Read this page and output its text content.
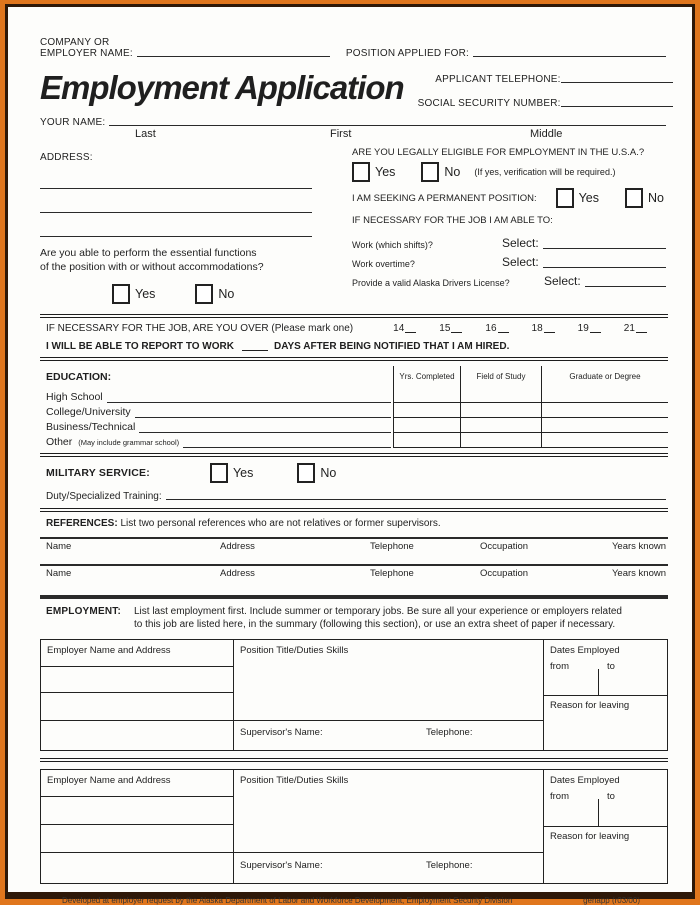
COMPANY OR
EMPLOYER NAME:	POSITION APPLIED FOR:
Employment Application	APPLICANT TELEPHONE:
SOCIAL SECURITY NUMBER:
YOUR NAME:
Last	First	Middle
ADDRESS:
Are you able to perform the essential functions
of the position with or without accommodations?
Yes	No
ARE YOU LEGALLY ELIGIBLE FOR EMPLOYMENT IN THE U.S.A.?
Yes	No (If yes, verification will be required.)
I AM SEEKING A PERMANENT POSITION:	Yes	No
IF NECESSARY FOR THE JOB I AM ABLE TO:
Work (which shifts)?	Select:
Work overtime?	Select:
Provide a valid Alaska Drivers License?	Select:
IF NECESSARY FOR THE JOB, ARE YOU OVER (Please mark one)	14	15	16	18	19	21
I WILL BE ABLE TO REPORT TO WORK	DAYS AFTER BEING NOTIFIED THAT I AM HIRED.
EDUCATION:	Yrs. Completed	Field of Study	Graduate or Degree
High School
College/University
Business/Technical
Other (May include grammar school)
MILITARY SERVICE:	Yes	No
Duty/Specialized Training:
REFERENCES: List two personal references who are not relatives or former supervisors.
Name	Address	Telephone	Occupation	Years known
Name	Address	Telephone	Occupation	Years known
EMPLOYMENT:	List last employment first. Include summer or temporary jobs. Be sure all your experience or employers related
to this job are listed here, in the summary (following this section), or use an extra sheet of paper if necessary.
Employer Name and Address	Position Title/Duties Skills	Dates Employed
from	to
Reason for leaving
Supervisor's Name:	Telephone:
Employer Name and Address	Position Title/Duties Skills	Dates Employed
from	to
Reason for leaving
Supervisor's Name:	Telephone:
Developed at employer request by the Alaska Department of Labor and Workforce Development, Employment Security Division	genapp (r03/00)
